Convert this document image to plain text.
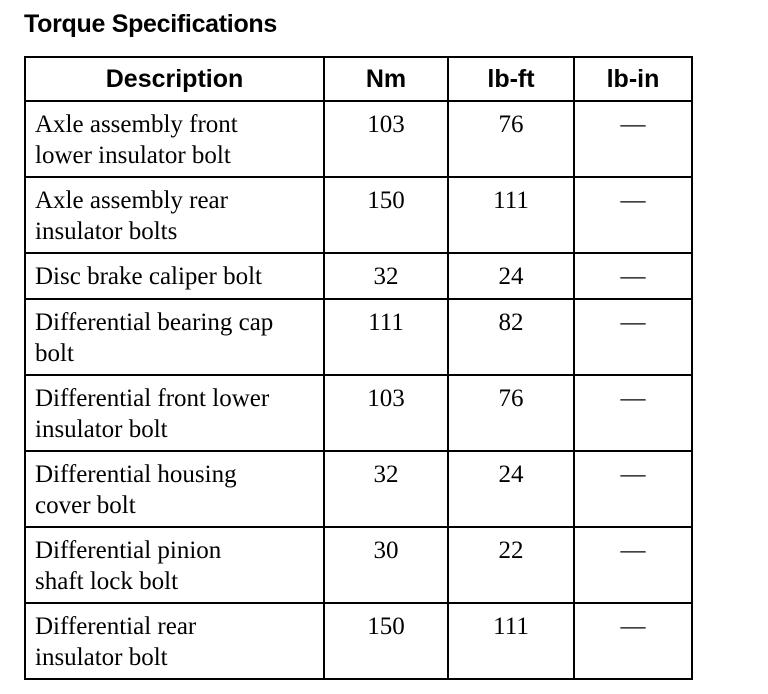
Torque Specifications
Description	Nm	lb-ft	lb-in
Axle assembly front
lower insulator bolt	103	76	—
Axle assembly rear
insulator bolts	150	111	—
Disc brake caliper bolt	32	24	—
Differential bearing cap
bolt	111	82	—
Differential front lower
insulator bolt	103	76	—
Differential housing
cover bolt	32	24	—
Differential pinion
shaft lock bolt	30	22	—
Differential rear
insulator bolt	150	111	—
